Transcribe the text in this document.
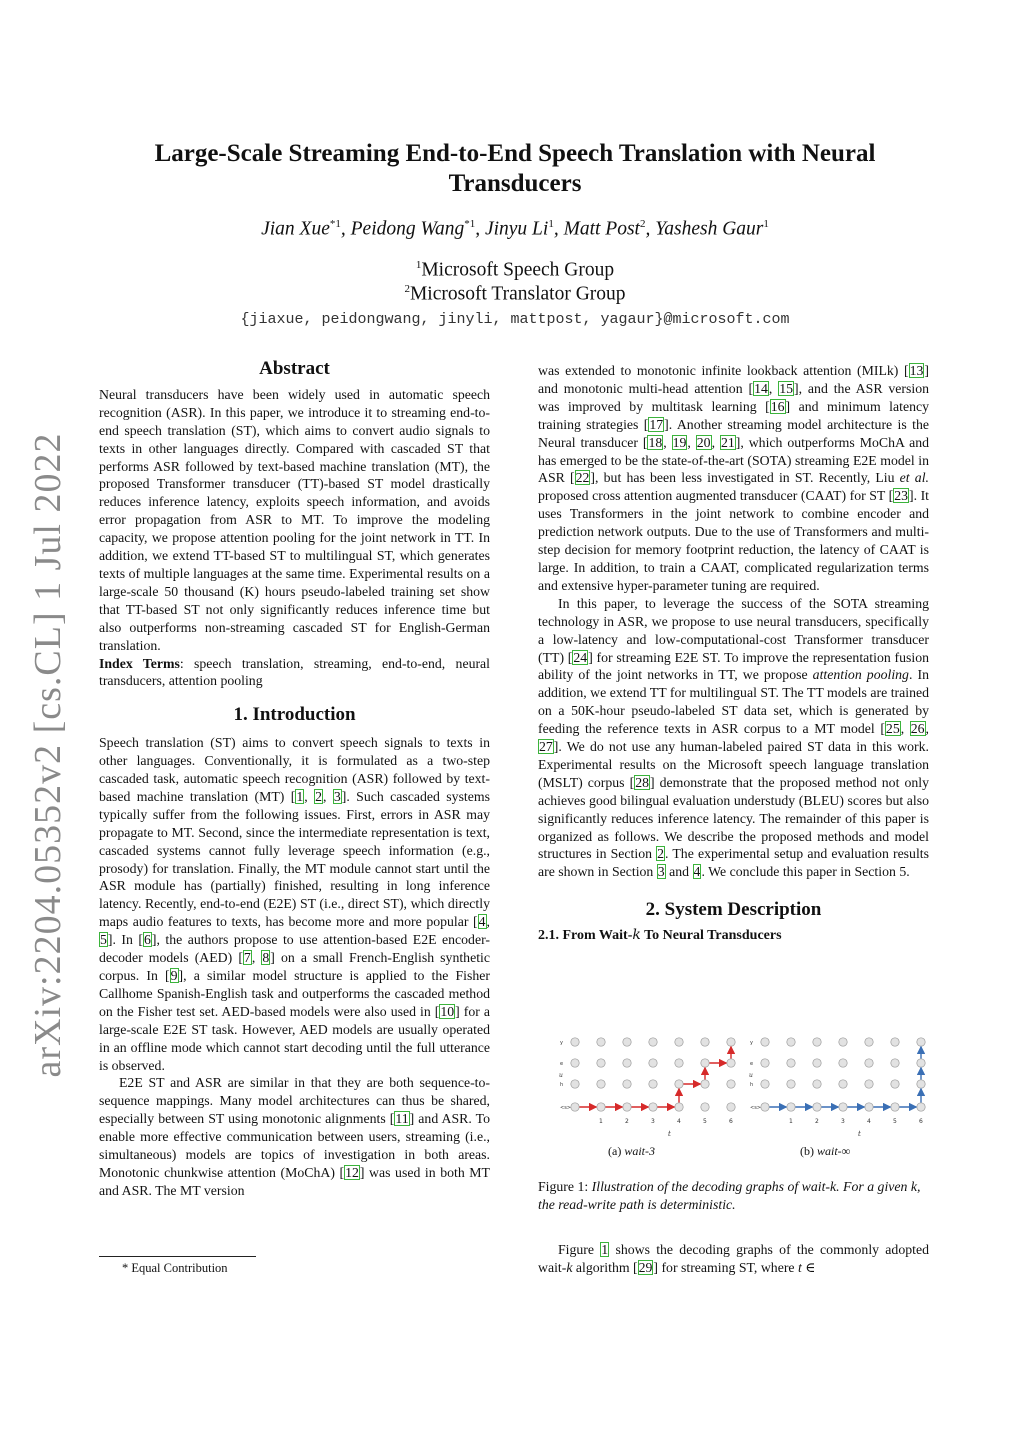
arXiv:2204.05352v2 [cs.CL] 1 Jul 2022
Large-Scale Streaming End-to-End Speech Translation with Neural Transducers
Jian Xue$^{*1}$, Peidong Wang$^{*1}$, Jinyu Li$^1$, Matt Post$^2$, Yashesh Gaur$^1$
$^1$Microsoft Speech Group
$^2$Microsoft Translator Group
{jiaxue, peidongwang, jinyli, mattpost, yagaur}@microsoft.com

Abstract

Neural transducers have been widely used in automatic speech recognition (ASR). In this paper, we introduce it to streaming end-to-end speech translation (ST), which aims to convert audio signals to texts in other languages directly. Compared with cascaded ST that performs ASR followed by text-based machine translation (MT), the proposed Transformer transducer (TT)-based ST model drastically reduces inference latency, exploits speech information, and avoids error propagation from ASR to MT. To improve the modeling capacity, we propose attention pooling for the joint network in TT. In addition, we extend TT-based ST to multilingual ST, which generates texts of multiple languages at the same time. Experimental results on a large-scale 50 thousand (K) hours pseudo-labeled training set show that TT-based ST not only significantly reduces inference time but also outperforms non-streaming cascaded ST for English-German translation.

Index Terms: speech translation, streaming, end-to-end, neural transducers, attention pooling

1. Introduction

Speech translation (ST) aims to convert speech signals to texts in other languages. Conventionally, it is formulated as a two-step cascaded task, automatic speech recognition (ASR) followed by text-based machine translation (MT) [1, 2, 3]. Such cascaded systems typically suffer from the following issues. First, errors in ASR may propagate to MT. Second, since the intermediate representation is text, cascaded systems cannot fully leverage speech information (e.g., prosody) for translation. Finally, the MT module cannot start until the ASR module has (partially) finished, resulting in long inference latency. Recently, end-to-end (E2E) ST (i.e., direct ST), which directly maps audio features to texts, has become more and more popular [4, 5]. In [6], the authors propose to use attention-based E2E encoder-decoder models (AED) [7, 8] on a small French-English synthetic corpus. In [9], a similar model structure is applied to the Fisher Callhome Spanish-English task and outperforms the cascaded method on the Fisher test set. AED-based models were also used in [10] for a large-scale E2E ST task. However, AED models are usually operated in an offline mode which cannot start decoding until the full utterance is observed.

E2E ST and ASR are similar in that they are both sequence-to-sequence mappings. Many model architectures can thus be shared, especially between ST using monotonic alignments [11] and ASR. To enable more effective communication between users, streaming (i.e., simultaneous) models are topics of investigation in both areas. Monotonic chunkwise attention (MoChA) [12] was used in both MT and ASR. The MT version

* Equal Contribution

was extended to monotonic infinite lookback attention (MILk) [13] and monotonic multi-head attention [14, 15], and the ASR version was improved by multitask learning [16] and minimum latency training strategies [17]. Another streaming model architecture is the Neural transducer [18, 19, 20, 21], which outperforms MoChA and has emerged to be the state-of-the-art (SOTA) streaming E2E model in ASR [22], but has been less investigated in ST. Recently, Liu et al. proposed cross attention augmented transducer (CAAT) for ST [23]. It uses Transformers in the joint network to combine encoder and prediction network outputs. Due to the use of Transformers and multi-step decision for memory footprint reduction, the latency of CAAT is large. In addition, to train a CAAT, complicated regularization terms and extensive hyper-parameter tuning are required.

In this paper, to leverage the success of the SOTA streaming technology in ASR, we propose to use neural transducers, specifically a low-latency and low-computational-cost Transformer transducer (TT) [24] for streaming E2E ST. To improve the representation fusion ability of the joint networks in TT, we propose attention pooling. In addition, we extend TT for multilingual ST. The TT models are trained on a 50K-hour pseudo-labeled ST data set, which is generated by feeding the reference texts in ASR corpus to a MT model [25, 26, 27]. We do not use any human-labeled paired ST data in this work. Experimental results on the Microsoft speech language translation (MSLT) corpus [28] demonstrate that the proposed method not only achieves good bilingual evaluation understudy (BLEU) scores but also significantly reduces inference latency. The remainder of this paper is organized as follows. We describe the proposed methods and model structures in Section 2. The experimental setup and evaluation results are shown in Section 3 and 4. We conclude this paper in Section 5.

2. System Description

2.1. From Wait-k To Neural Transducers

y
e
h
<s>
u
1	2	3	4	5	6
t
y
e
h
<s>
u
1	2	3	4	5	6
t
(a) wait-3	(b) wait-∞
Figure 1: Illustration of the decoding graphs of wait-k. For a given k, the read-write path is deterministic.

Figure 1 shows the decoding graphs of the commonly adopted wait-k algorithm [29] for streaming ST, where t ∈
